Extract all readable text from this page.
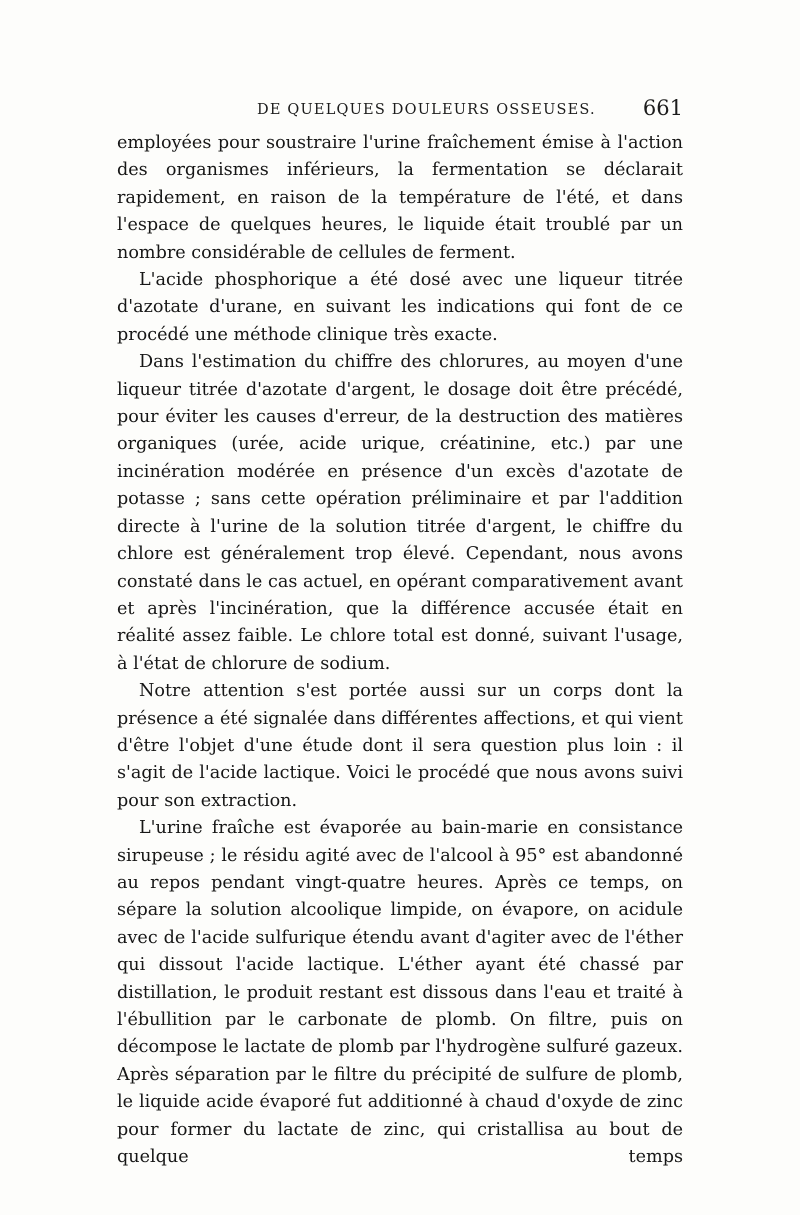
DE QUELQUES DOULEURS OSSEUSES. 661

employées pour soustraire l'urine fraîchement émise à l'action des organismes inférieurs, la fermentation se déclarait rapidement, en raison de la température de l'été, et dans l'espace de quelques heures, le liquide était troublé par un nombre considérable de cellules de ferment.

L'acide phosphorique a été dosé avec une liqueur titrée d'azotate d'urane, en suivant les indications qui font de ce procédé une méthode clinique très exacte.

Dans l'estimation du chiffre des chlorures, au moyen d'une liqueur titrée d'azotate d'argent, le dosage doit être précédé, pour éviter les causes d'erreur, de la destruction des matières organiques (urée, acide urique, créatinine, etc.) par une incinération modérée en présence d'un excès d'azotate de potasse ; sans cette opération préliminaire et par l'addition directe à l'urine de la solution titrée d'argent, le chiffre du chlore est généralement trop élevé. Cependant, nous avons constaté dans le cas actuel, en opérant comparativement avant et après l'incinération, que la différence accusée était en réalité assez faible. Le chlore total est donné, suivant l'usage, à l'état de chlorure de sodium.

Notre attention s'est portée aussi sur un corps dont la présence a été signalée dans différentes affections, et qui vient d'être l'objet d'une étude dont il sera question plus loin : il s'agit de l'acide lactique. Voici le procédé que nous avons suivi pour son extraction.

L'urine fraîche est évaporée au bain-marie en consistance sirupeuse ; le résidu agité avec de l'alcool à 95° est abandonné au repos pendant vingt-quatre heures. Après ce temps, on sépare la solution alcoolique limpide, on évapore, on acidule avec de l'acide sulfurique étendu avant d'agiter avec de l'éther qui dissout l'acide lactique. L'éther ayant été chassé par distillation, le produit restant est dissous dans l'eau et traité à l'ébullition par le carbonate de plomb. On filtre, puis on décompose le lactate de plomb par l'hydrogène sulfuré gazeux. Après séparation par le filtre du précipité de sulfure de plomb, le liquide acide évaporé fut additionné à chaud d'oxyde de zinc pour former du lactate de zinc, qui cristallisa au bout de quelque temps
